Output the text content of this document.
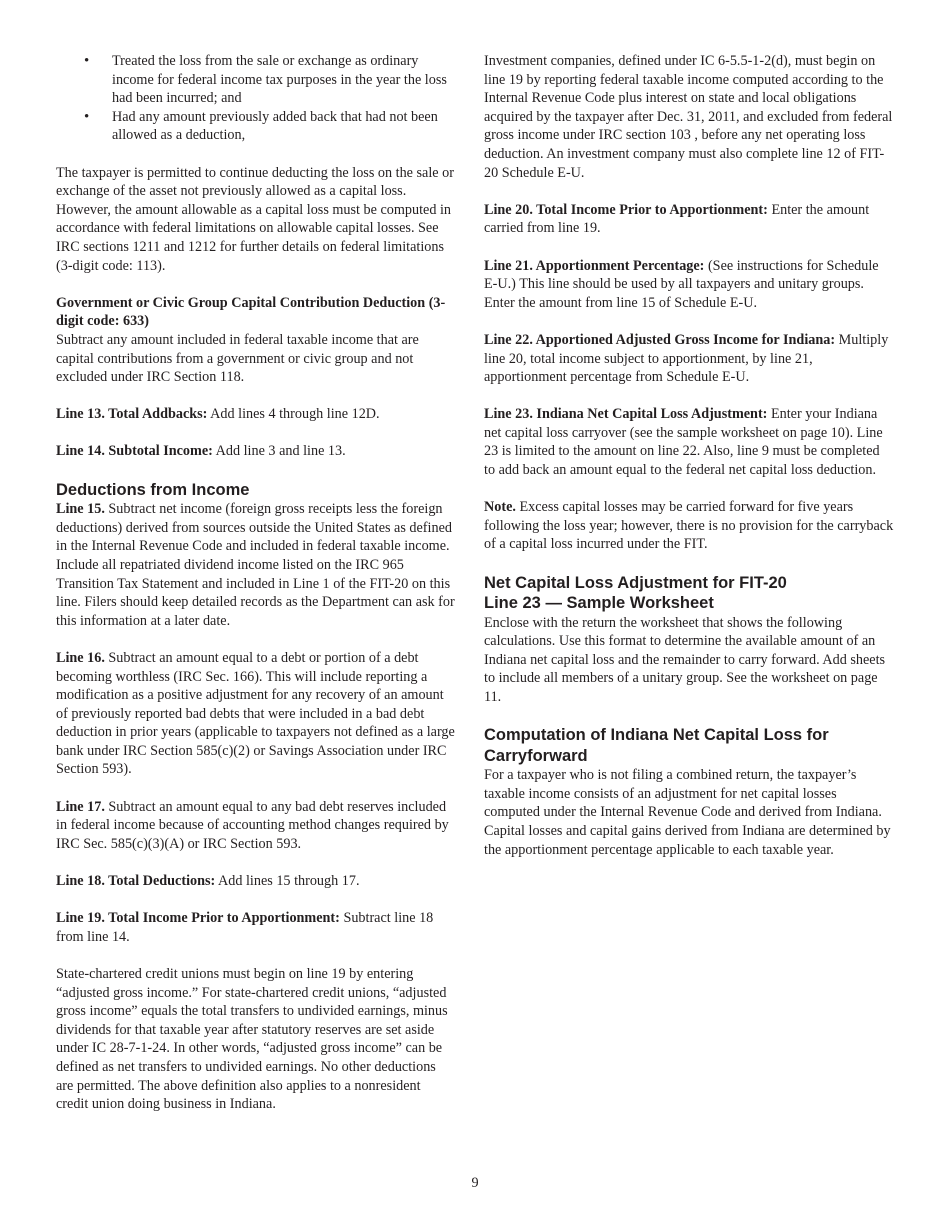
• Treated the loss from the sale or exchange as ordinary income for federal income tax purposes in the year the loss had been incurred; and
• Had any amount previously added back that had not been allowed as a deduction,

The taxpayer is permitted to continue deducting the loss on the sale or exchange of the asset not previously allowed as a capital loss. However, the amount allowable as a capital loss must be computed in accordance with federal limitations on allowable capital losses. See IRC sections 1211 and 1212 for further details on federal limitations (3-digit code: 113).

Government or Civic Group Capital Contribution Deduction (3-digit code: 633)

Subtract any amount included in federal taxable income that are capital contributions from a government or civic group and not excluded under IRC Section 118.

Line 13. Total Addbacks: Add lines 4 through line 12D.

Line 14. Subtotal Income: Add line 3 and line 13.

Deductions from Income

Line 15. Subtract net income (foreign gross receipts less the foreign deductions) derived from sources outside the United States as defined in the Internal Revenue Code and included in federal taxable income. Include all repatriated dividend income listed on the IRC 965 Transition Tax Statement and included in Line 1 of the FIT-20 on this line. Filers should keep detailed records as the Department can ask for this information at a later date.

Line 16. Subtract an amount equal to a debt or portion of a debt becoming worthless (IRC Sec. 166). This will include reporting a modification as a positive adjustment for any recovery of an amount of previously reported bad debts that were included in a bad debt deduction in prior years (applicable to taxpayers not defined as a large bank under IRC Section 585(c)(2) or Savings Association under IRC Section 593).

Line 17. Subtract an amount equal to any bad debt reserves included in federal income because of accounting method changes required by IRC Sec. 585(c)(3)(A) or IRC Section 593.

Line 18. Total Deductions: Add lines 15 through 17.

Line 19. Total Income Prior to Apportionment: Subtract line 18 from line 14.

State-chartered credit unions must begin on line 19 by entering “adjusted gross income.” For state-chartered credit unions, “adjusted gross income” equals the total transfers to undivided earnings, minus dividends for that taxable year after statutory reserves are set aside under IC 28-7-1-24. In other words, “adjusted gross income” can be defined as net transfers to undivided earnings. No other deductions are permitted. The above definition also applies to a nonresident credit union doing business in Indiana.

Investment companies, defined under IC 6-5.5-1-2(d), must begin on line 19 by reporting federal taxable income computed according to the Internal Revenue Code plus interest on state and local obligations acquired by the taxpayer after Dec. 31, 2011, and excluded from federal gross income under IRC section 103 , before any net operating loss deduction. An investment company must also complete line 12 of FIT-20 Schedule E-U.

Line 20. Total Income Prior to Apportionment: Enter the amount carried from line 19.

Line 21. Apportionment Percentage: (See instructions for Schedule E-U.) This line should be used by all taxpayers and unitary groups. Enter the amount from line 15 of Schedule E-U.

Line 22. Apportioned Adjusted Gross Income for Indiana: Multiply line 20, total income subject to apportionment, by line 21, apportionment percentage from Schedule E-U.

Line 23. Indiana Net Capital Loss Adjustment: Enter your Indiana net capital loss carryover (see the sample worksheet on page 10). Line 23 is limited to the amount on line 22. Also, line 9 must be completed to add back an amount equal to the federal net capital loss deduction.

Note. Excess capital losses may be carried forward for five years following the loss year; however, there is no provision for the carryback of a capital loss incurred under the FIT.

Net Capital Loss Adjustment for FIT-20
Line 23 — Sample Worksheet

Enclose with the return the worksheet that shows the following calculations. Use this format to determine the available amount of an Indiana net capital loss and the remainder to carry forward. Add sheets to include all members of a unitary group. See the worksheet on page 11.

Computation of Indiana Net Capital Loss for
Carryforward

For a taxpayer who is not filing a combined return, the taxpayer’s taxable income consists of an adjustment for net capital losses computed under the Internal Revenue Code and derived from Indiana. Capital losses and capital gains derived from Indiana are determined by the apportionment percentage applicable to each taxable year.

9
